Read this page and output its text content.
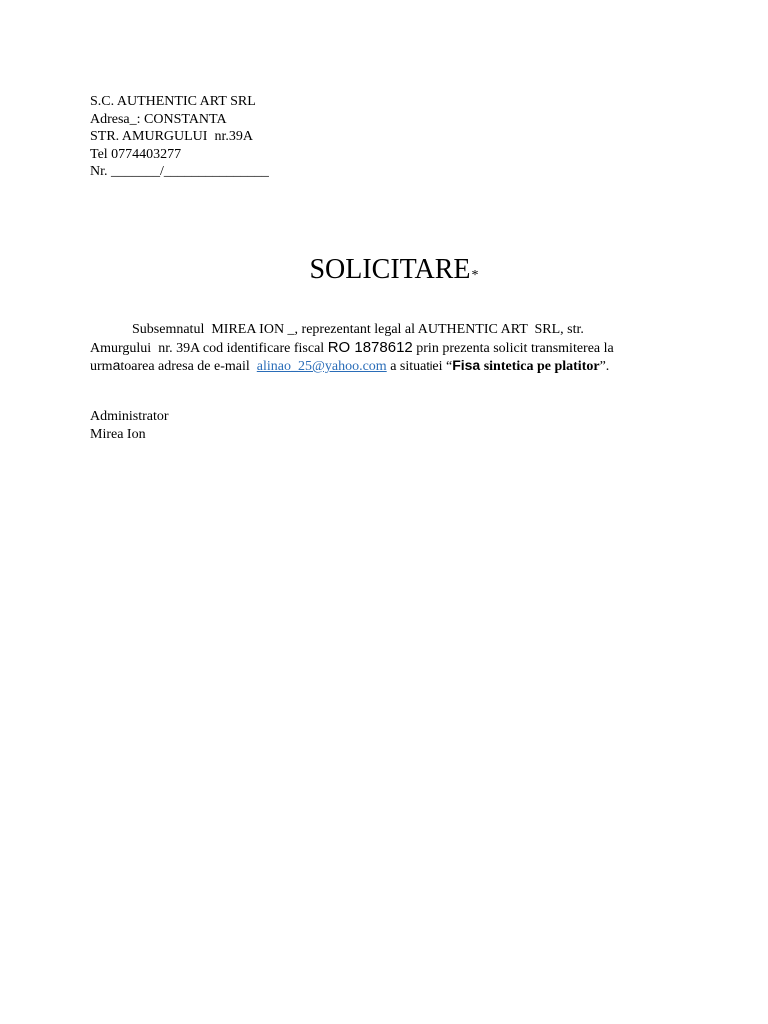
S.C. AUTHENTIC ART SRL
Adresa_: CONSTANTA
STR. AMURGULUI  nr.39A
Tel 0774403277
Nr. _______/_______________
SOLICITARE*
Subsemnatul  MIREA ION _, reprezentant legal al AUTHENTIC ART  SRL, str.
Amurgului  nr. 39A cod identificare fiscal RO 1878612 prin prezenta solicit transmiterea la
urmatoarea adresa de e-mail  alinao_25@yahoo.com a situatiei “Fisa sintetica pe platitor”.
Administrator
Mirea Ion
